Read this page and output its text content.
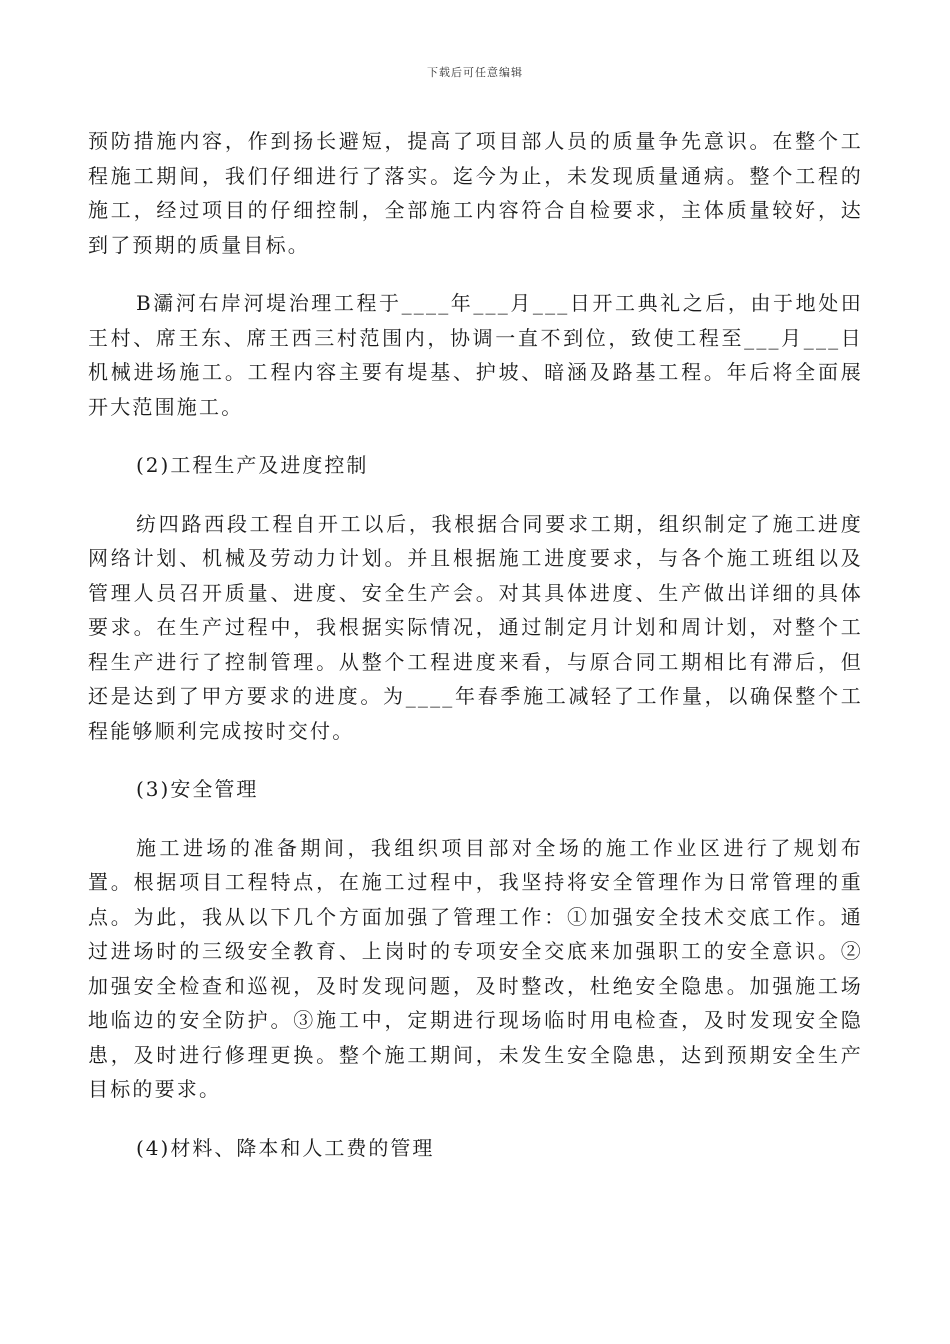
下载后可任意编辑

预防措施内容，作到扬长避短，提高了项目部人员的质量争先意识。在整个工程施工期间，我们仔细进行了落实。迄今为止，未发现质量通病。整个工程的施工，经过项目的仔细控制，全部施工内容符合自检要求，主体质量较好，达到了预期的质量目标。

B灞河右岸河堤治理工程于____年___月___日开工典礼之后，由于地处田王村、席王东、席王西三村范围内，协调一直不到位，致使工程至___月___日机械进场施工。工程内容主要有堤基、护坡、暗涵及路基工程。年后将全面展开大范围施工。

(2)工程生产及进度控制

纺四路西段工程自开工以后，我根据合同要求工期，组织制定了施工进度网络计划、机械及劳动力计划。并且根据施工进度要求，与各个施工班组以及管理人员召开质量、进度、安全生产会。对其具体进度、生产做出详细的具体要求。在生产过程中，我根据实际情况，通过制定月计划和周计划，对整个工程生产进行了控制管理。从整个工程进度来看，与原合同工期相比有滞后，但还是达到了甲方要求的进度。为____年春季施工减轻了工作量，以确保整个工程能够顺利完成按时交付。

(3)安全管理

施工进场的准备期间，我组织项目部对全场的施工作业区进行了规划布置。根据项目工程特点，在施工过程中，我坚持将安全管理作为日常管理的重点。为此，我从以下几个方面加强了管理工作：①加强安全技术交底工作。通过进场时的三级安全教育、上岗时的专项安全交底来加强职工的安全意识。②加强安全检查和巡视，及时发现问题，及时整改，杜绝安全隐患。加强施工场地临边的安全防护。③施工中，定期进行现场临时用电检查，及时发现安全隐患，及时进行修理更换。整个施工期间，未发生安全隐患，达到预期安全生产目标的要求。

(4)材料、降本和人工费的管理
